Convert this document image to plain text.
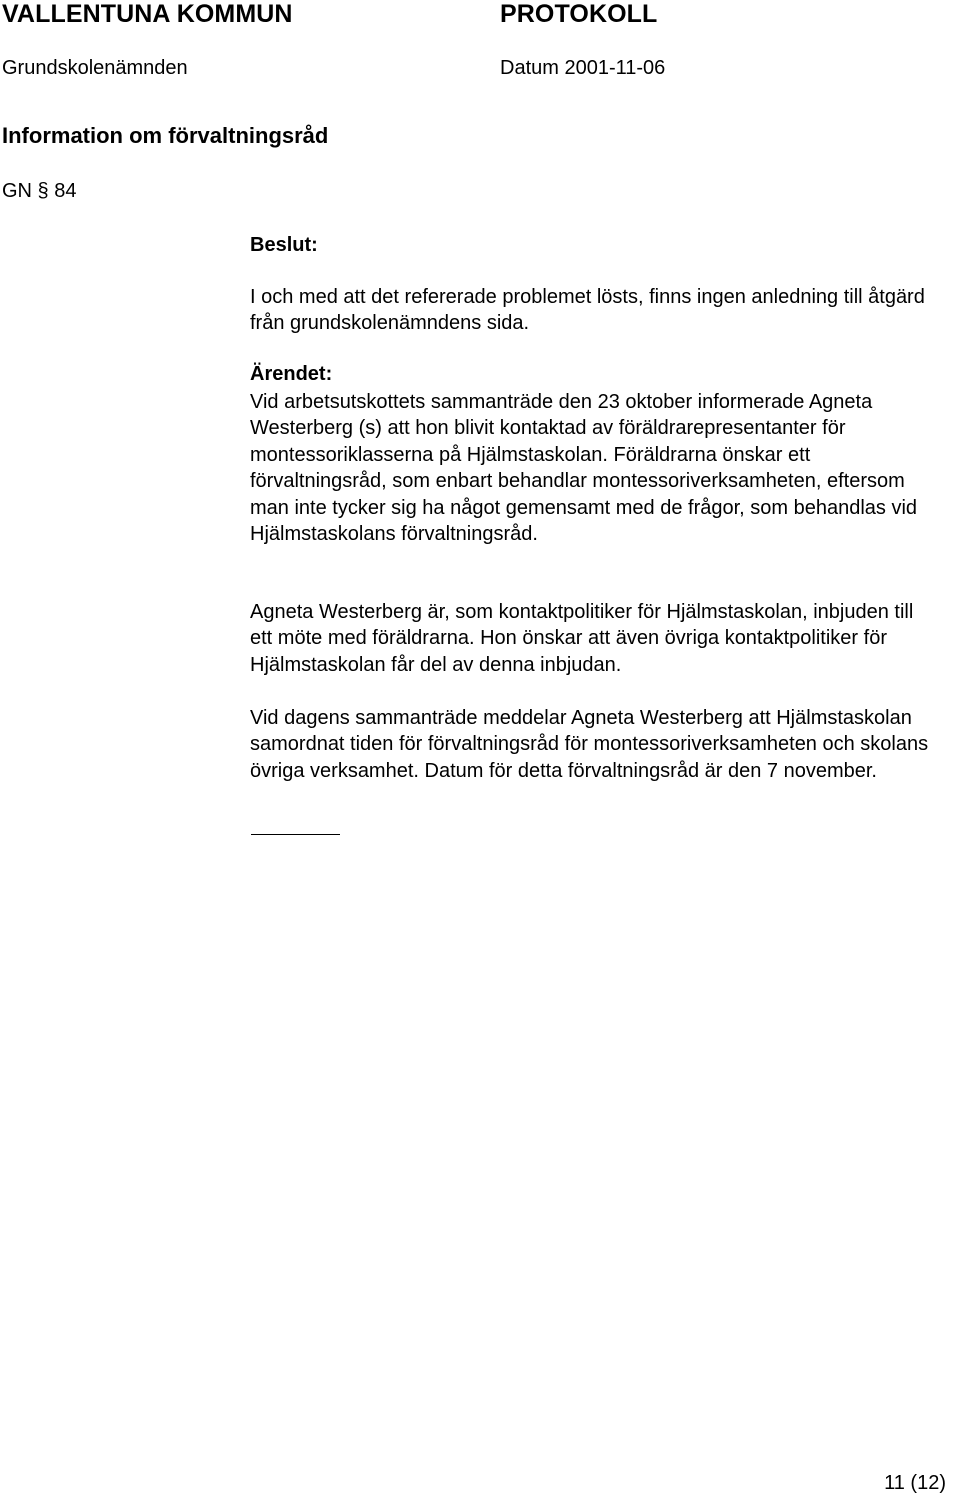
VALLENTUNA KOMMUN	PROTOKOLL
Grundskolenämnden	Datum 2001-11-06
Information om förvaltningsråd
GN § 84
Beslut:

I och med att det refererade problemet lösts, finns ingen anledning till åtgärd från grundskolenämndens sida.

Ärendet:

Vid arbetsutskottets sammanträde den 23 oktober informerade Agneta Westerberg (s) att hon blivit kontaktad av föräldrarepresentanter för montessoriklasserna på Hjälmstaskolan. Föräldrarna önskar ett förvaltningsråd, som enbart behandlar montessoriverksamheten, eftersom man inte tycker sig ha något gemensamt med de frågor, som behandlas vid Hjälmstaskolans förvaltningsråd.

Agneta Westerberg är, som kontaktpolitiker för Hjälmstaskolan, inbjuden till ett möte med föräldrarna. Hon önskar att även övriga kontaktpolitiker för Hjälmstaskolan får del av denna inbjudan.

Vid dagens sammanträde meddelar Agneta Westerberg att Hjälmstaskolan samordnat tiden för förvaltningsråd för montessoriverksamheten och skolans övriga verksamhet. Datum för detta förvaltningsråd är den 7 november.

11 (12)
